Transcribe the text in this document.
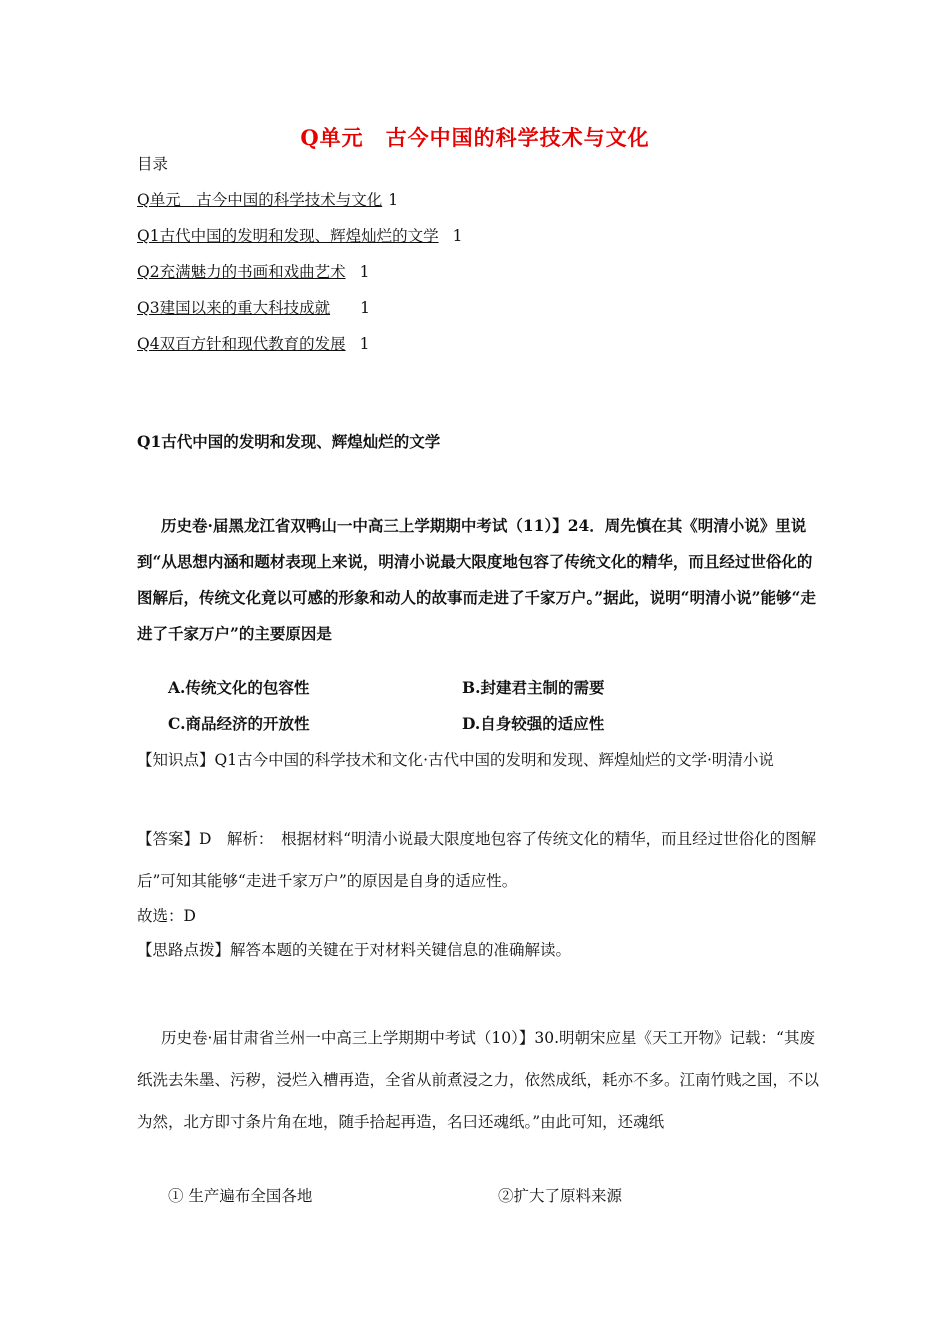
Q单元　古今中国的科学技术与文化
目录
Q单元　古今中国的科学技术与文化 1
Q1古代中国的发明和发现、辉煌灿烂的文学 1
Q2充满魅力的书画和戏曲艺术 1
Q3建国以来的重大科技成就 1
Q4双百方针和现代教育的发展 1
Q1古代中国的发明和发现、辉煌灿烂的文学
历史卷·届黑龙江省双鸭山一中高三上学期期中考试（11）】24．周先慎在其《明清小说》里说到“从思想内涵和题材表现上来说，明清小说最大限度地包容了传统文化的精华，而且经过世俗化的图解后，传统文化竟以可感的形象和动人的故事而走进了千家万户。”据此，说明“明清小说”能够“走进了千家万户”的主要原因是
A.传统文化的包容性	B.封建君主制的需要
C.商品经济的开放性	D.自身较强的适应性
【知识点】Q1古今中国的科学技术和文化·古代中国的发明和发现、辉煌灿烂的文学·明清小说
【答案】D　解析：　根据材料“明清小说最大限度地包容了传统文化的精华，而且经过世俗化的图解后”可知其能够“走进千家万户”的原因是自身的适应性。
故选：D
【思路点拨】解答本题的关键在于对材料关键信息的准确解读。
历史卷·届甘肃省兰州一中高三上学期期中考试（10）】30.明朝宋应星《天工开物》记载：“其废纸洗去朱墨、污秽，浸烂入槽再造，全省从前煮浸之力，依然成纸，耗亦不多。江南竹贱之国，不以为然，北方即寸条片角在地，随手拾起再造，名曰还魂纸。”由此可知，还魂纸
① 生产遍布全国各地	②扩大了原料来源
